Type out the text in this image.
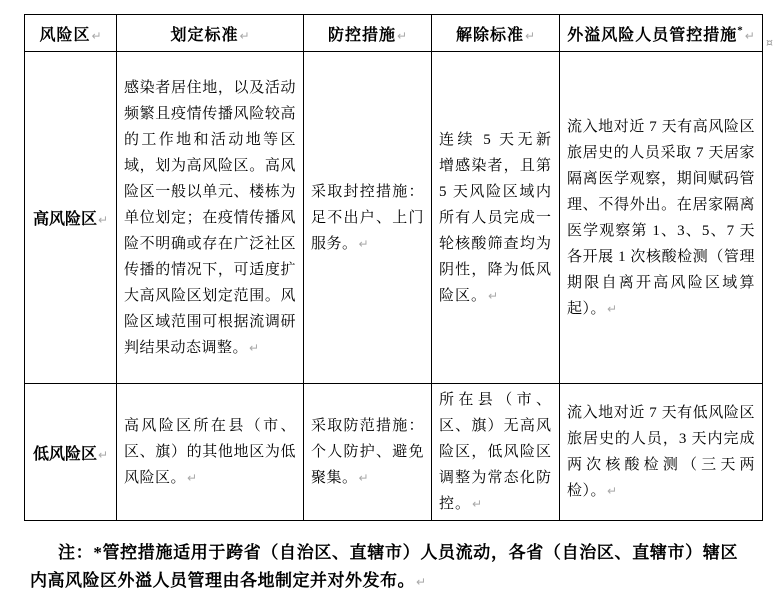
风险区↵	划定标准↵	防控措施↵	解除标准↵	外溢风险人员管控措施*↵
高风险区↵	感染者居住地，以及活动频繁且疫情传播风险较高的工作地和活动地等区域，划为高风险区。高风险区一般以单元、楼栋为单位划定；在疫情传播风险不明确或存在广泛社区传播的情况下，可适度扩大高风险区划定范围。风险区域范围可根据流调研判结果动态调整。↵	采取封控措施：足不出户、上门服务。↵	连续 5 天无新增感染者，且第 5 天风险区域内所有人员完成一轮核酸筛查均为阴性，降为低风险区。↵	流入地对近 7 天有高风险区旅居史的人员采取 7 天居家隔离医学观察，期间赋码管理、不得外出。在居家隔离医学观察第 1、3、5、7 天各开展 1 次核酸检测（管理期限自离开高风险区域算起）。↵
低风险区↵	高风险区所在县（市、区、旗）的其他地区为低风险区。↵	采取防范措施：个人防护、避免聚集。↵	所在县（市、区、旗）无高风险区，低风险区调整为常态化防控。↵	流入地对近 7 天有低风险区旅居史的人员，3 天内完成两次核酸检测（三天两检）。↵
¤

注：*管控措施适用于跨省（自治区、直辖市）人员流动，各省（自治区、直辖市）辖区内高风险区外溢人员管理由各地制定并对外发布。↵
